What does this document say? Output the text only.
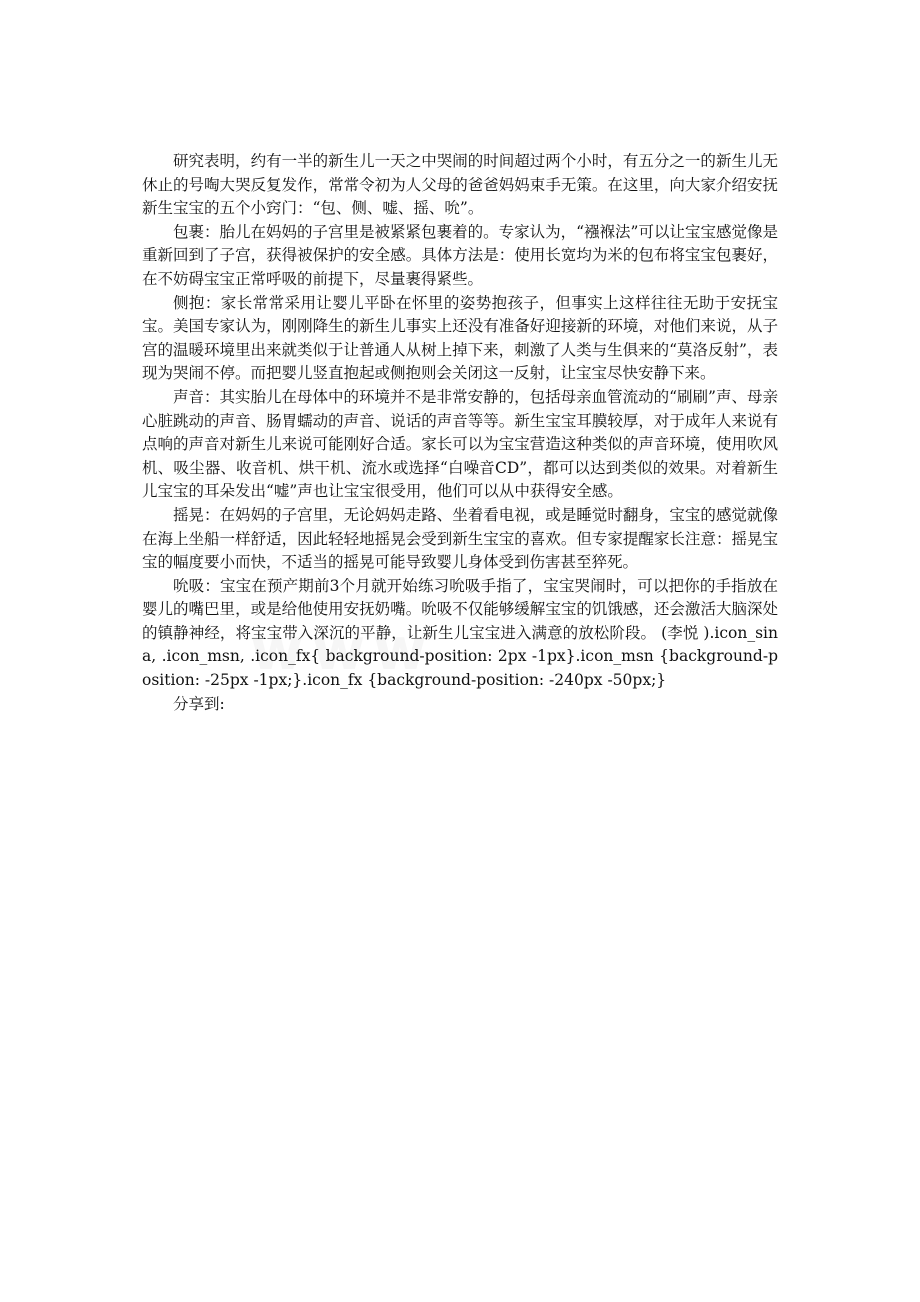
研究表明，约有一半的新生儿一天之中哭闹的时间超过两个小时，有五分之一的新生儿无休止的号啕大哭反复发作，常常令初为人父母的爸爸妈妈束手无策。在这里，向大家介绍安抚新生宝宝的五个小窍门：“包、侧、嘘、摇、吮”。

包裹：胎儿在妈妈的子宫里是被紧紧包裹着的。专家认为，“襁褓法”可以让宝宝感觉像是重新回到了子宫，获得被保护的安全感。具体方法是：使用长宽均为米的包布将宝宝包裹好，在不妨碍宝宝正常呼吸的前提下，尽量裹得紧些。

侧抱：家长常常采用让婴儿平卧在怀里的姿势抱孩子，但事实上这样往往无助于安抚宝宝。美国专家认为，刚刚降生的新生儿事实上还没有准备好迎接新的环境，对他们来说，从子宫的温暖环境里出来就类似于让普通人从树上掉下来，刺激了人类与生俱来的“莫洛反射”，表现为哭闹不停。而把婴儿竖直抱起或侧抱则会关闭这一反射，让宝宝尽快安静下来。

声音：其实胎儿在母体中的环境并不是非常安静的，包括母亲血管流动的“刷刷”声、母亲心脏跳动的声音、肠胃蠕动的声音、说话的声音等等。新生宝宝耳膜较厚，对于成年人来说有点响的声音对新生儿来说可能刚好合适。家长可以为宝宝营造这种类似的声音环境，使用吹风机、吸尘器、收音机、烘干机、流水或选择“白噪音CD”，都可以达到类似的效果。对着新生儿宝宝的耳朵发出“嘘”声也让宝宝很受用，他们可以从中获得安全感。

摇晃：在妈妈的子宫里，无论妈妈走路、坐着看电视，或是睡觉时翻身，宝宝的感觉就像在海上坐船一样舒适，因此轻轻地摇晃会受到新生宝宝的喜欢。但专家提醒家长注意：摇晃宝宝的幅度要小而快，不适当的摇晃可能导致婴儿身体受到伤害甚至猝死。

吮吸：宝宝在预产期前3个月就开始练习吮吸手指了，宝宝哭闹时，可以把你的手指放在婴儿的嘴巴里，或是给他使用安抚奶嘴。吮吸不仅能够缓解宝宝的饥饿感，还会激活大脑深处的镇静神经，将宝宝带入深沉的平静，让新生儿宝宝进入满意的放松阶段。 (李悦 ).icon_sina, .icon_msn, .icon_fx{ background-position: 2px -1px}.icon_msn {background-position: -25px -1px;}.icon_fx {background-position: -240px -50px;}

分享到:
